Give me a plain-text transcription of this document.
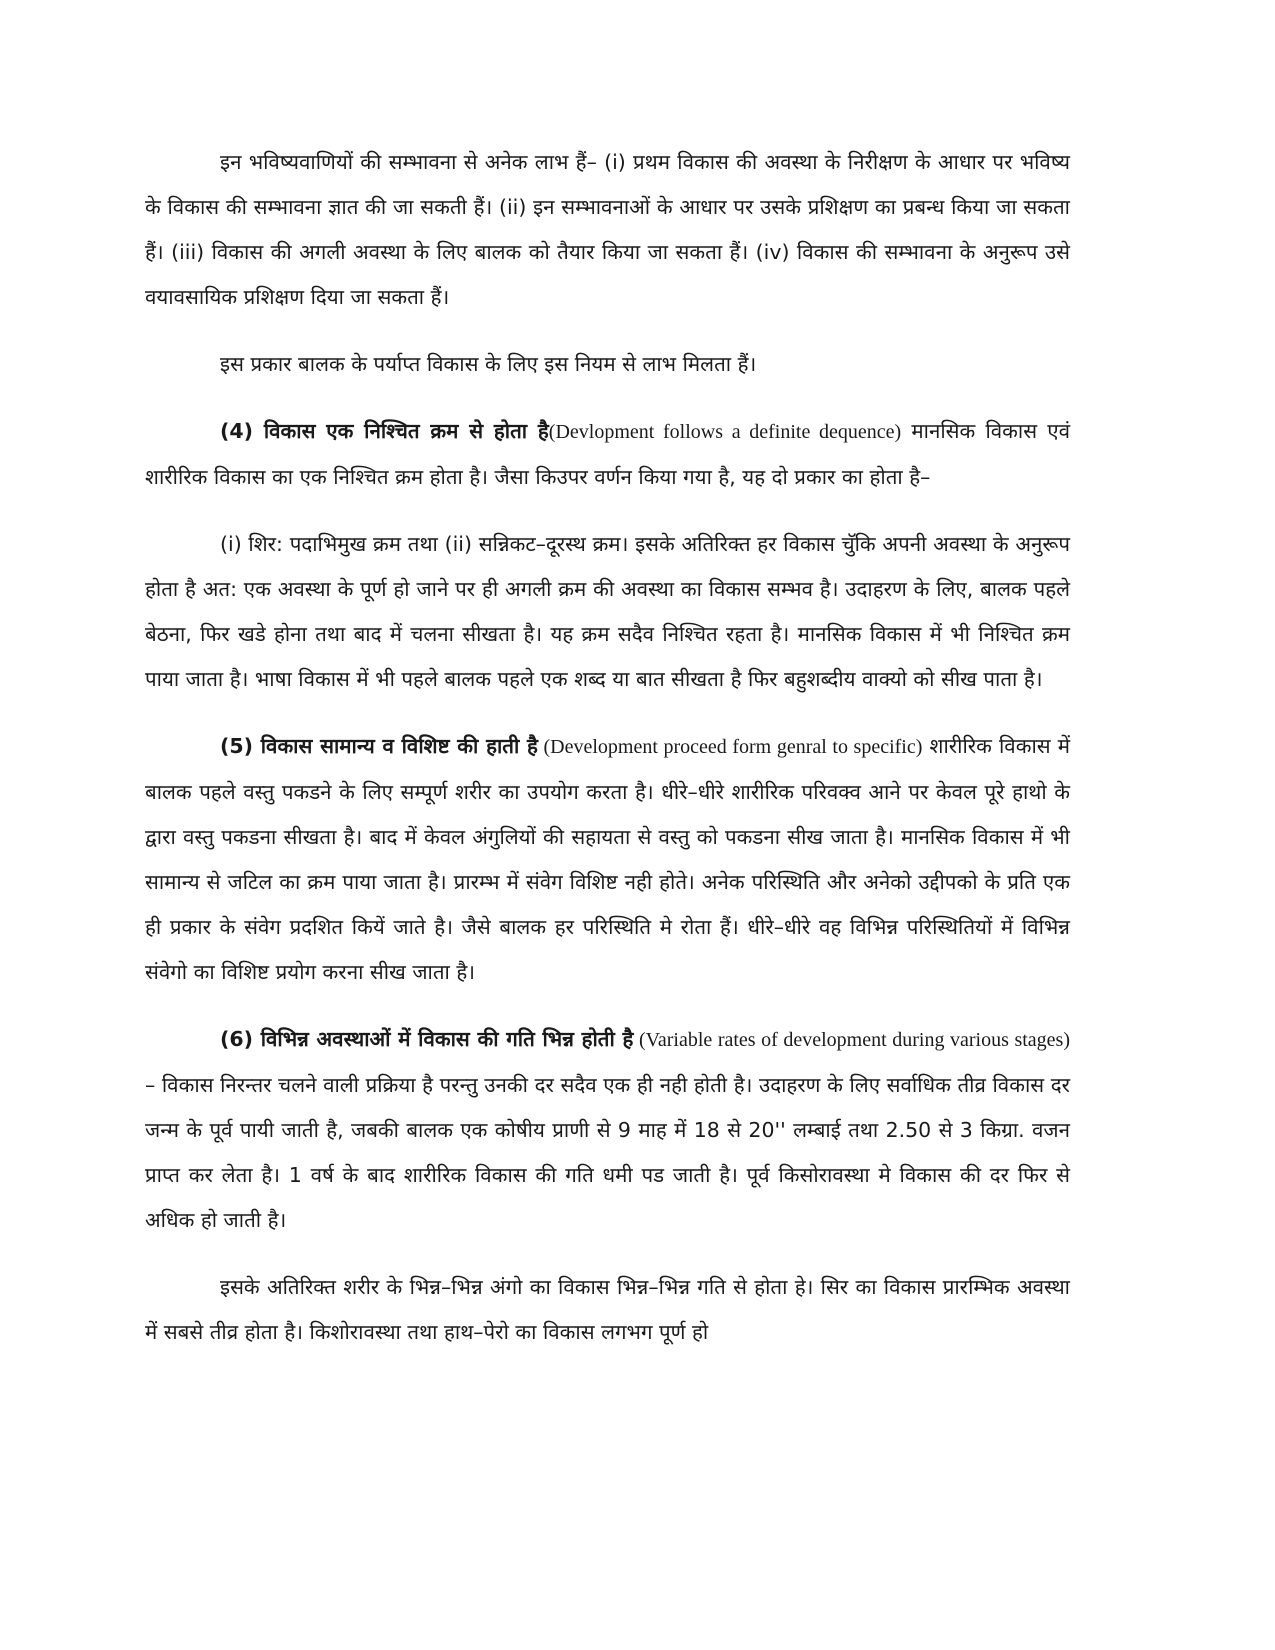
इन भविष्यवाणियों की सम्भावना से अनेक लाभ हैं– (i) प्रथम विकास की अवस्था के निरीक्षण के आधार पर भविष्य के विकास की सम्भावना ज्ञात की जा सकती हैं। (ii) इन सम्भावनाओं के आधार पर उसके प्रशिक्षण का प्रबन्ध किया जा सकता हैं। (iii) विकास की अगली अवस्था के लिए बालक को तैयार किया जा सकता हैं। (iv) विकास की सम्भावना के अनुरूप उसे वयावसायिक प्रशिक्षण दिया जा सकता हैं।

इस प्रकार बालक के पर्याप्त विकास के लिए इस नियम से लाभ मिलता हैं।

(4) विकास एक निश्चित क्रम से होता है(Devlopment follows a definite dequence) मानसिक विकास एवं शारीरिक विकास का एक निश्चित क्रम होता है। जैसा किउपर वर्णन किया गया है, यह दो प्रकार का होता है–

(i) शिर: पदाभिमुख क्रम तथा (ii) सन्निकट–दूरस्थ क्रम। इसके अतिरिक्त हर विकास चुॅकि अपनी अवस्था के अनुरूप होता है अत: एक अवस्था के पूर्ण हो जाने पर ही अगली क्रम की अवस्था का विकास सम्भव है। उदाहरण के लिए, बालक पहले बेठना, फिर खडे होना तथा बाद में चलना सीखता है। यह क्रम सदैव निश्चित रहता है। मानसिक विकास में भी निश्चित क्रम पाया जाता है। भाषा विकास में भी पहले बालक पहले एक शब्द या बात सीखता है फिर बहुशब्दीय वाक्यो को सीख पाता है।

(5) विकास सामान्य व विशिष्ट की हाती है (Development proceed form genral to specific) शारीरिक विकास में बालक पहले वस्तु पकडने के लिए सम्पूर्ण शरीर का उपयोग करता है। धीरे–धीरे शारीरिक परिवक्व आने पर केवल पूरे हाथो के द्वारा वस्तु पकडना सीखता है। बाद में केवल अंगुलियों की सहायता से वस्तु को पकडना सीख जाता है। मानसिक विकास में भी सामान्य से जटिल का क्रम पाया जाता है। प्रारम्भ में संवेग विशिष्ट नही होते। अनेक परिस्थिति और अनेको उद्दीपको के प्रति एक ही प्रकार के संवेग प्रदशित कियें जाते है। जैसे बालक हर परिस्थिति मे रोता हैं। धीरे–धीरे वह विभिन्न परिस्थितियों में विभिन्न संवेगो का विशिष्ट प्रयोग करना सीख जाता है।

(6) विभिन्न अवस्थाओं में विकास की गति भिन्न होती है (Variable rates of development during various stages) – विकास निरन्तर चलने वाली प्रक्रिया है परन्तु उनकी दर सदैव एक ही नही होती है। उदाहरण के लिए सर्वाधिक तीव्र विकास दर जन्म के पूर्व पायी जाती है, जबकी बालक एक कोषीय प्राणी से 9 माह में 18 से 20'' लम्बाई तथा 2.50 से 3 किग्रा. वजन प्राप्त कर लेता है। 1 वर्ष के बाद शारीरिक विकास की गति धमी पड जाती है। पूर्व किसोरावस्था मे विकास की दर फिर से अधिक हो जाती है।

इसके अतिरिक्त शरीर के भिन्न–भिन्न अंगो का विकास भिन्न–भिन्न गति से होता हे। सिर का विकास प्रारम्भिक अवस्था में सबसे तीव्र होता है। किशोरावस्था तथा हाथ–पेरो का विकास लगभग पूर्ण हो
